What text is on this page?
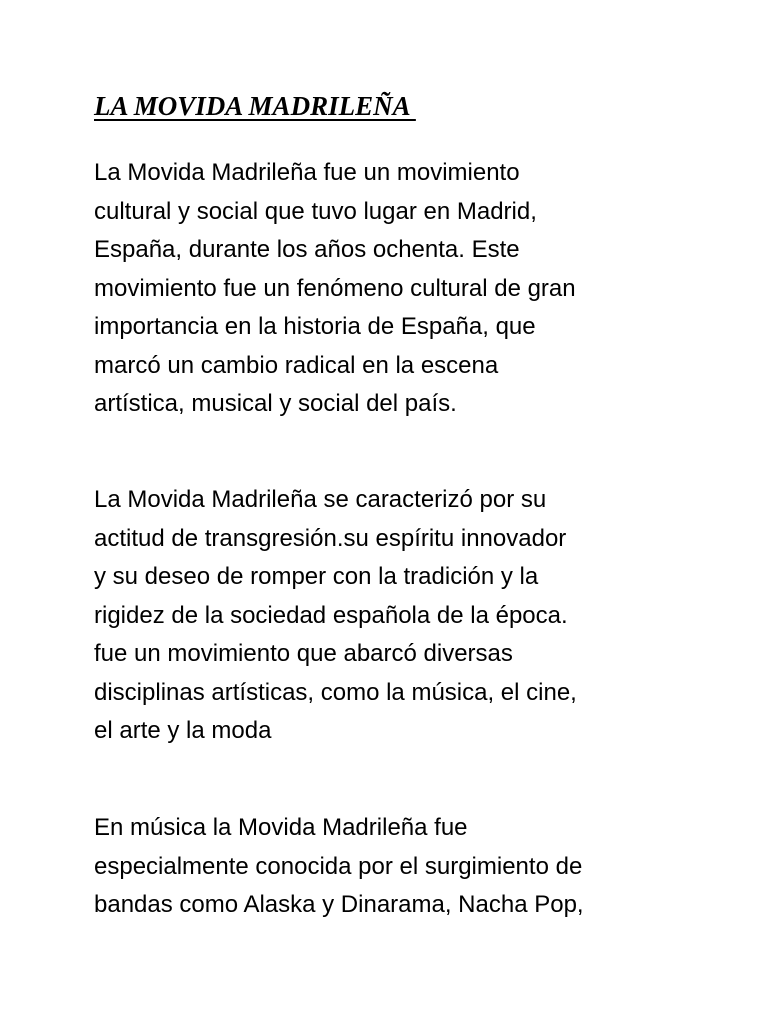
LA MOVIDA MADRILEÑA

La Movida Madrileña fue un movimiento
cultural y social que tuvo lugar en Madrid,
España, durante los años ochenta. Este
movimiento fue un fenómeno cultural de gran
importancia en la historia de España, que
marcó un cambio radical en la escena
artística, musical y social del país.

La Movida Madrileña se caracterizó por su
actitud de transgresión.su espíritu innovador
y su deseo de romper con la tradición y la
rigidez de la sociedad española de la época.
fue un movimiento que abarcó diversas
disciplinas artísticas, como la música, el cine,
el arte y la moda

En música la Movida Madrileña fue
especialmente conocida por el surgimiento de
bandas como Alaska y Dinarama, Nacha Pop,
